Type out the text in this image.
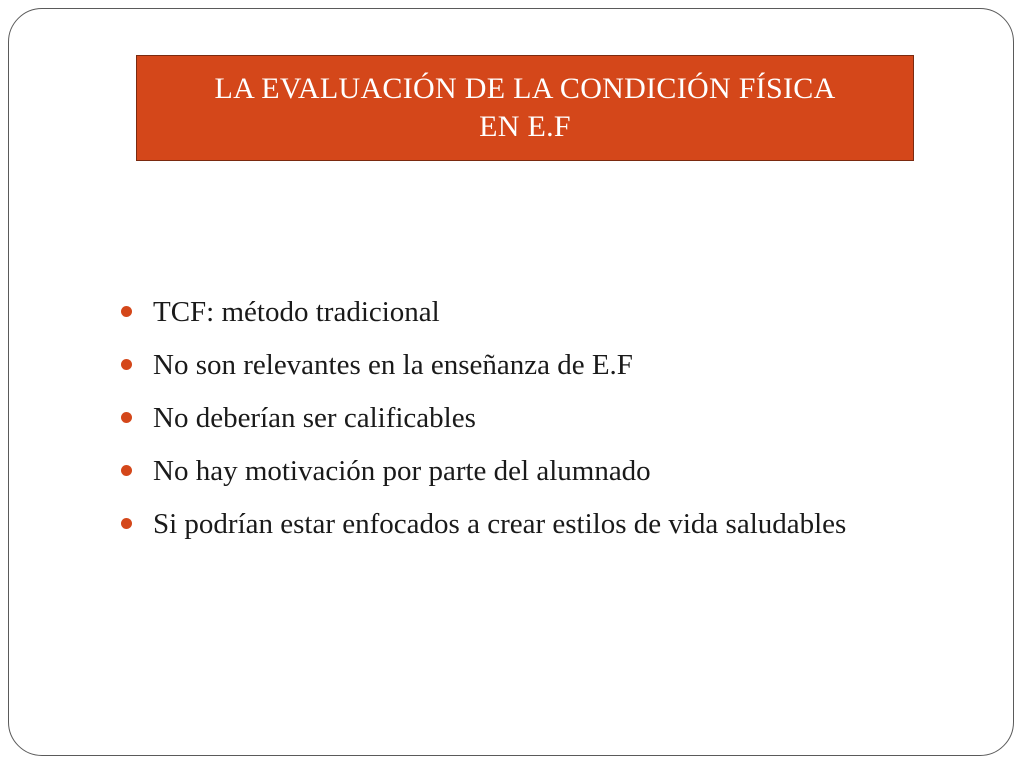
LA EVALUACIÓN DE LA CONDICIÓN FÍSICA
EN E.F
TCF: método tradicional
No son relevantes en la enseñanza de E.F
No deberían ser calificables
No hay motivación por parte del alumnado
Si podrían estar enfocados a crear estilos de vida saludables
